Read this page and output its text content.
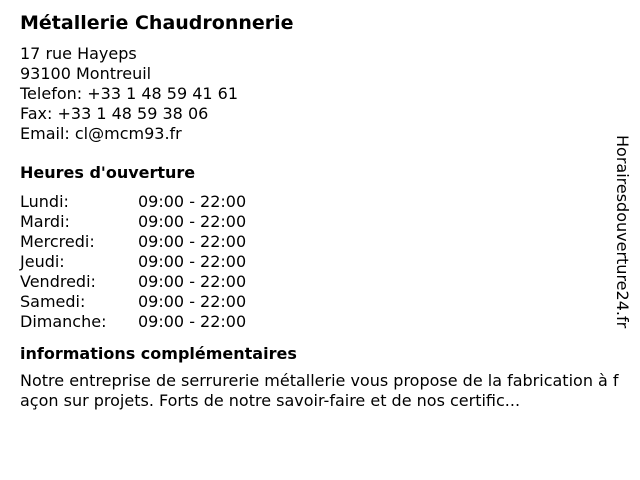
Métallerie Chaudronnerie
17 rue Hayeps
93100 Montreuil
Telefon: +33 1 48 59 41 61
Fax: +33 1 48 59 38 06
Email: cl@mcm93.fr
Heures d'ouverture
Lundi:	09:00 - 22:00
Mardi:	09:00 - 22:00
Mercredi:	09:00 - 22:00
Jeudi:	09:00 - 22:00
Vendredi:	09:00 - 22:00
Samedi:	09:00 - 22:00
Dimanche:	09:00 - 22:00
informations complémentaires
Notre entreprise de serrurerie métallerie vous propose de la fabrication à façon sur projets. Forts de notre savoir-faire et de nos certific...
Horairesdouverture24.fr
